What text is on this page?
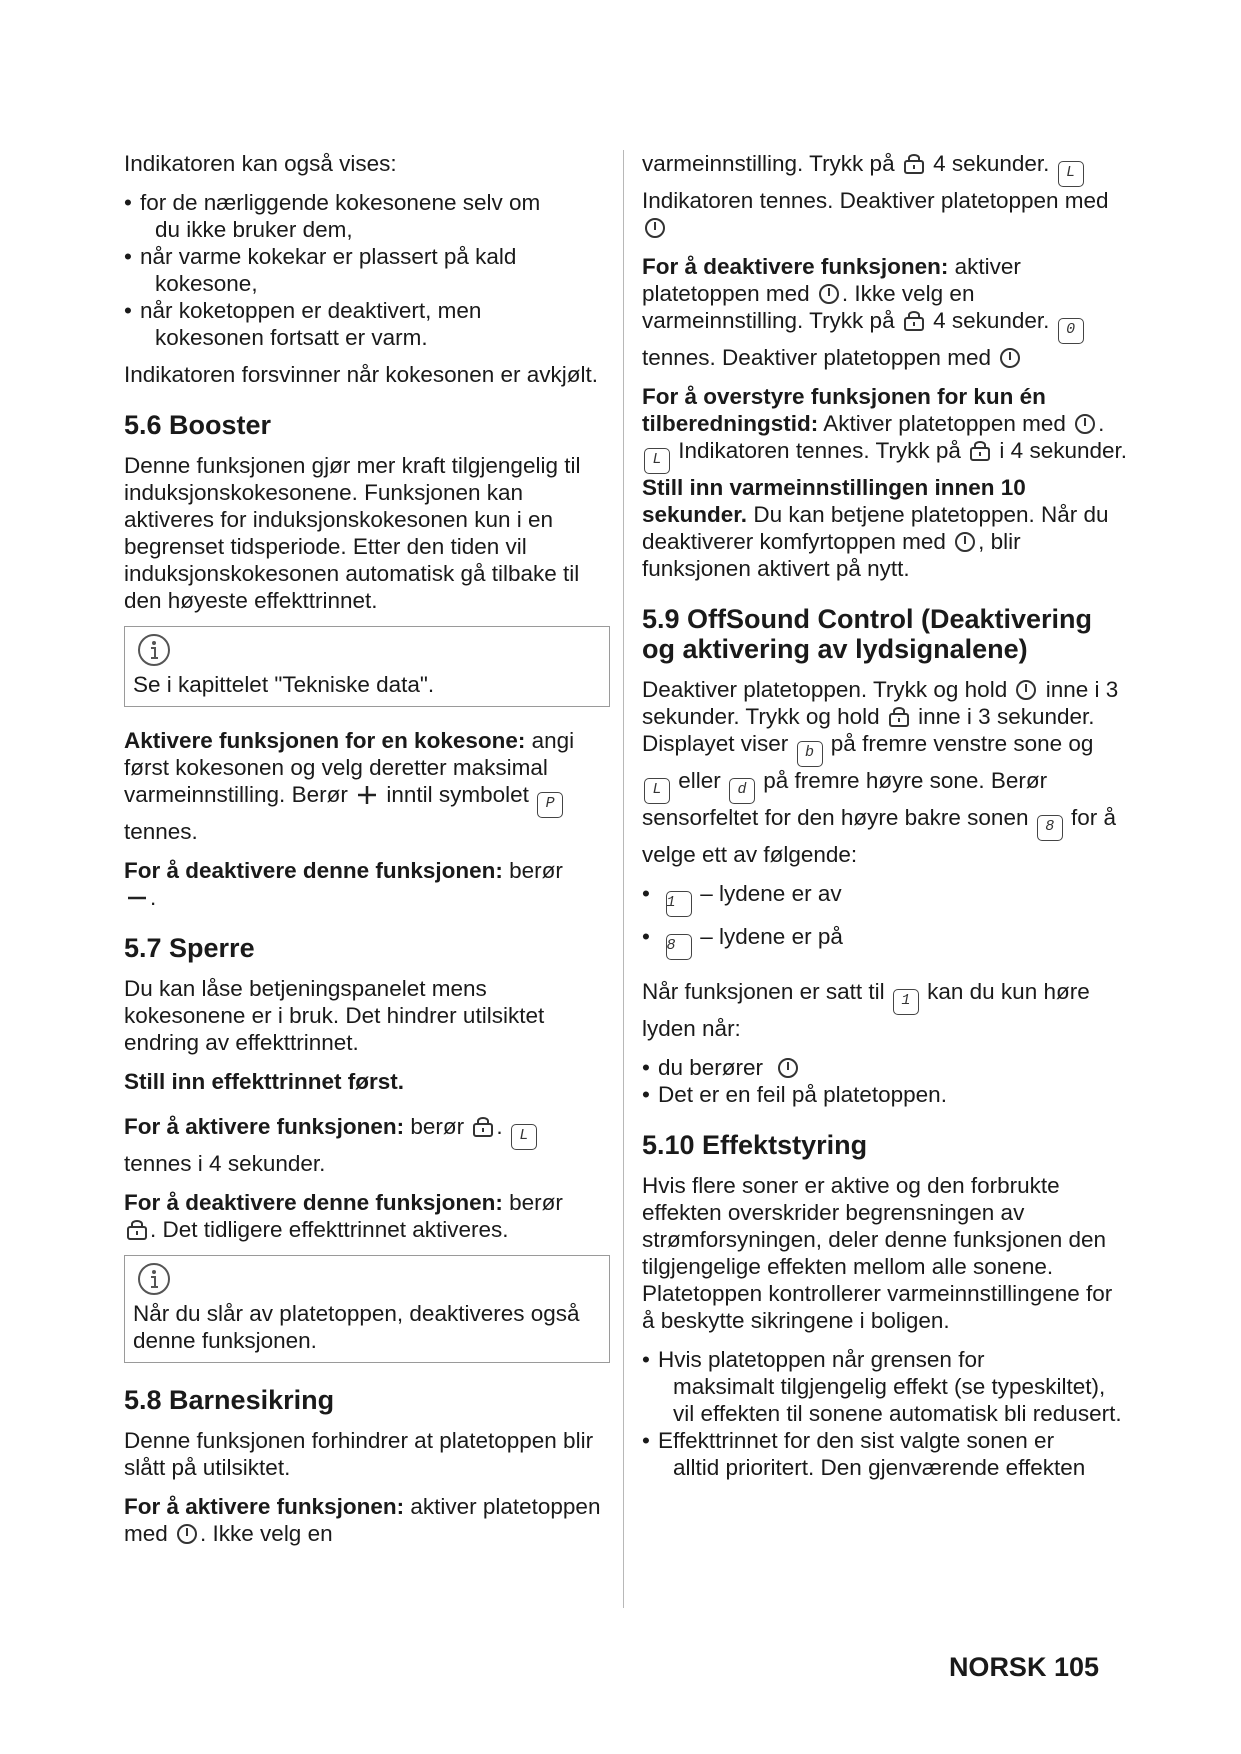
Indikatoren kan også vises:

• for de nærliggende kokesonene selv om
du ikke bruker dem,
• når varme kokekar er plassert på kald
kokesone,
• når koketoppen er deaktivert, men
kokesonen fortsatt er varm.

Indikatoren forsvinner når kokesonen er avkjølt.

5.6 Booster

Denne funksjonen gjør mer kraft tilgjengelig til induksjonskokesonene. Funksjonen kan aktiveres for induksjonskokesonen kun i en begrenset tidsperiode. Etter den tiden vil induksjonskokesonen automatisk gå tilbake til den høyeste effekttrinnet.

Se i kapittelet "Tekniske data".

Aktivere funksjonen for en kokesone: angi først kokesonen og velg deretter maksimal varmeinnstilling. Berør
inntil symbolet P tennes.

For å deaktivere denne funksjonen: berør

.

5.7 Sperre

Du kan låse betjeningspanelet mens kokesonene er i bruk. Det hindrer utilsiktet endring av effekttrinnet.

Still inn effekttrinnet først.

For å aktivere funksjonen: berør
. L tennes i 4 sekunder.

For å deaktivere denne funksjonen: berør

. Det tidligere effekttrinnet aktiveres.

Når du slår av platetoppen, deaktiveres også denne funksjonen.
5.8 Barnesikring

Denne funksjonen forhindrer at platetoppen blir slått på utilsiktet.

For å aktivere funksjonen: aktiver platetoppen med
. Ikke velg en

varmeinnstilling. Trykk på
4 sekunder. L Indikatoren tennes. Deaktiver platetoppen med

For å deaktivere funksjonen: aktiver platetoppen med
. Ikke velg en varmeinnstilling. Trykk på
4 sekunder. 0 tennes. Deaktiver platetoppen med

For å overstyre funksjonen for kun én tilberedningstid: Aktiver platetoppen med
. L Indikatoren tennes. Trykk på
i 4 sekunder. Still inn varmeinnstillingen innen 10 sekunder. Du kan betjene platetoppen. Når du deaktiverer komfyrtoppen med
, blir funksjonen aktivert på nytt.

5.9 OffSound Control (Deaktivering og aktivering av lydsignalene)

Deaktiver platetoppen. Trykk og hold
inne i 3 sekunder. Trykk og hold
inne i 3 sekunder. Displayet viser b på fremre venstre sone og L eller d på fremre høyre sone. Berør sensorfeltet for den høyre bakre sonen 8 for å velge ett av følgende:

• 1 – lydene er av
• 8 – lydene er på

Når funksjonen er satt til 1 kan du kun høre lyden når:

• du berører
• Det er en feil på platetoppen.
5.10 Effektstyring

Hvis flere soner er aktive og den forbrukte effekten overskrider begrensningen av strømforsyningen, deler denne funksjonen den tilgjengelige effekten mellom alle sonene. Platetoppen kontrollerer varmeinnstillingene for å beskytte sikringene i boligen.

• Hvis platetoppen når grensen for
maksimalt tilgjengelig effekt (se typeskiltet), vil effekten til sonene automatisk bli redusert.
• Effekttrinnet for den sist valgte sonen er
alltid prioritert. Den gjenværende effekten
NORSK 105
